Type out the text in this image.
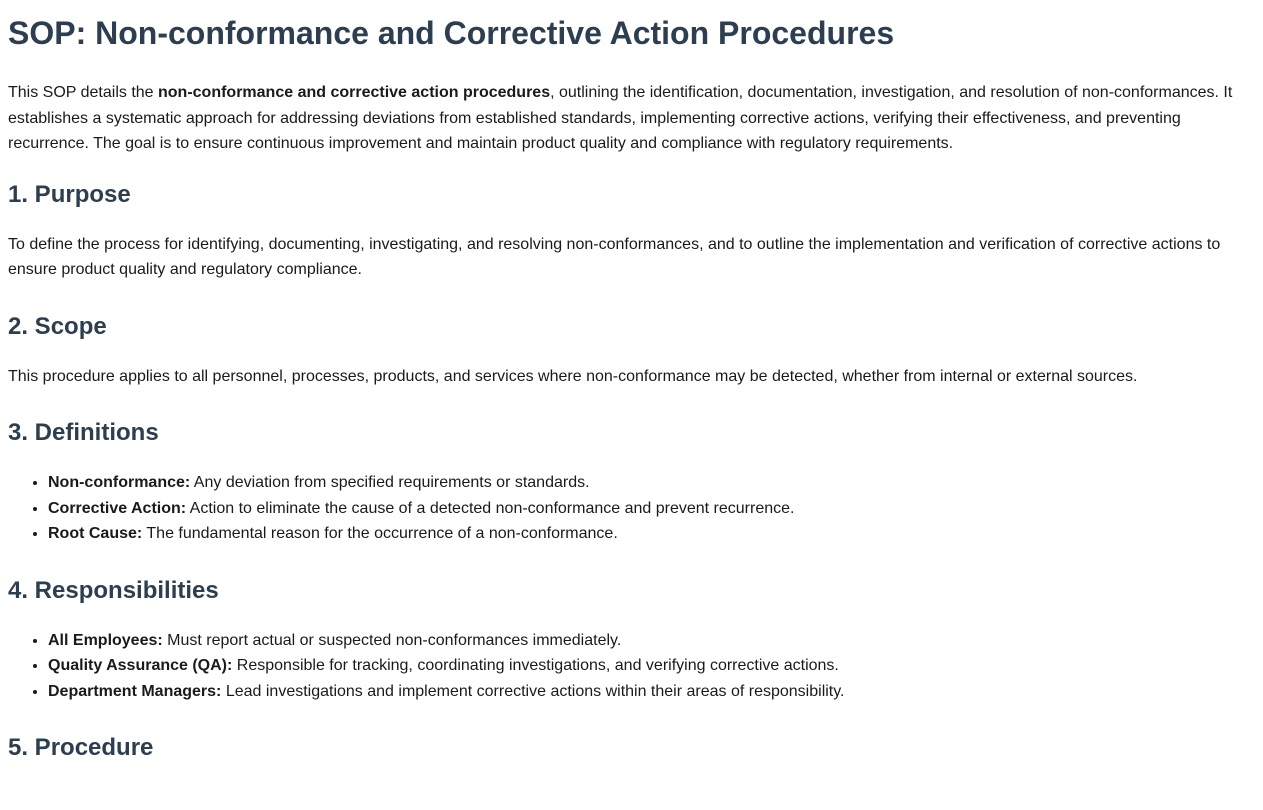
SOP: Non-conformance and Corrective Action Procedures

This SOP details the non-conformance and corrective action procedures, outlining the identification, documentation, investigation, and resolution of non-conformances. It establishes a systematic approach for addressing deviations from established standards, implementing corrective actions, verifying their effectiveness, and preventing recurrence. The goal is to ensure continuous improvement and maintain product quality and compliance with regulatory requirements.

1. Purpose

To define the process for identifying, documenting, investigating, and resolving non-conformances, and to outline the implementation and verification of corrective actions to ensure product quality and regulatory compliance.

2. Scope

This procedure applies to all personnel, processes, products, and services where non-conformance may be detected, whether from internal or external sources.

3. Definitions
• Non-conformance: Any deviation from specified requirements or standards.
• Corrective Action: Action to eliminate the cause of a detected non-conformance and prevent recurrence.
• Root Cause: The fundamental reason for the occurrence of a non-conformance.
4. Responsibilities
• All Employees: Must report actual or suspected non-conformances immediately.
• Quality Assurance (QA): Responsible for tracking, coordinating investigations, and verifying corrective actions.
• Department Managers: Lead investigations and implement corrective actions within their areas of responsibility.
5. Procedure
